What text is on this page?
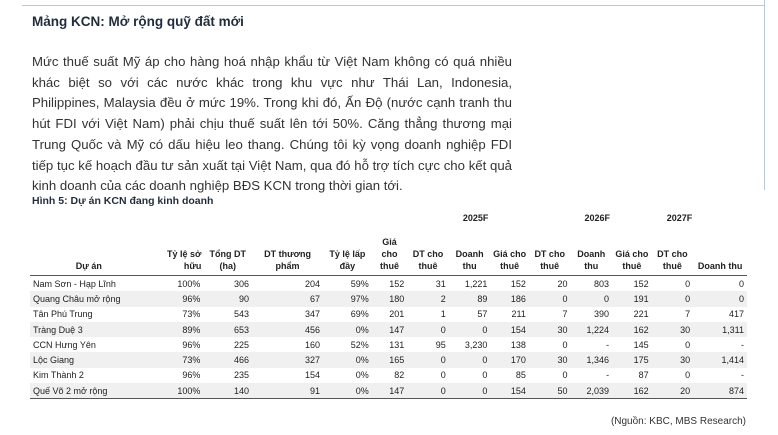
Mảng KCN: Mở rộng quỹ đất mới
Mức thuế suất Mỹ áp cho hàng hoá nhập khẩu từ Việt Nam không có quá nhiều khác biệt so với các nước khác trong khu vực như Thái Lan, Indonesia, Philippines, Malaysia đều ở mức 19%. Trong khi đó, Ấn Độ (nước cạnh tranh thu hút FDI với Việt Nam) phải chịu thuế suất lên tới 50%. Căng thẳng thương mại Trung Quốc và Mỹ có dấu hiệu leo thang. Chúng tôi kỳ vọng doanh nghiệp FDI tiếp tục kế hoạch đầu tư sản xuất tại Việt Nam, qua đó hỗ trợ tích cực cho kết quả kinh doanh của các doanh nghiệp BĐS KCN trong thời gian tới.
Hình 5: Dự án KCN đang kinh doanh
					2025F			2026F			2027F		
Dự án	Tỷ lệ sở hữu	Tổng DT (ha)	DT thương phẩm	Tỷ lệ lấp đầy	Giá cho thuê	DT cho thuê	Doanh thu	Giá cho thuê	DT cho thuê	Doanh thu	Giá cho thuê	DT cho thuê	Doanh thu
Nam Sơn - Hạp Lĩnh	100%	306	204	59%	152	31	1,221	152	20	803	152	0	0
Quang Châu mở rộng	96%	90	67	97%	180	2	89	186	0	0	191	0	0
Tân Phú Trung	73%	543	347	69%	201	1	57	211	7	390	221	7	417
Tràng Duệ 3	89%	653	456	0%	147	0	0	154	30	1,224	162	30	1,311
CCN Hưng Yên	96%	225	160	52%	131	95	3,230	138	0	-	145	0	-
Lộc Giang	73%	466	327	0%	165	0	0	170	30	1,346	175	30	1,414
Kim Thành 2	96%	235	154	0%	82	0	0	85	0	-	87	0	-
Quế Võ 2 mở rộng	100%	140	91	0%	147	0	0	154	50	2,039	162	20	874
(Nguồn: KBC, MBS Research)
